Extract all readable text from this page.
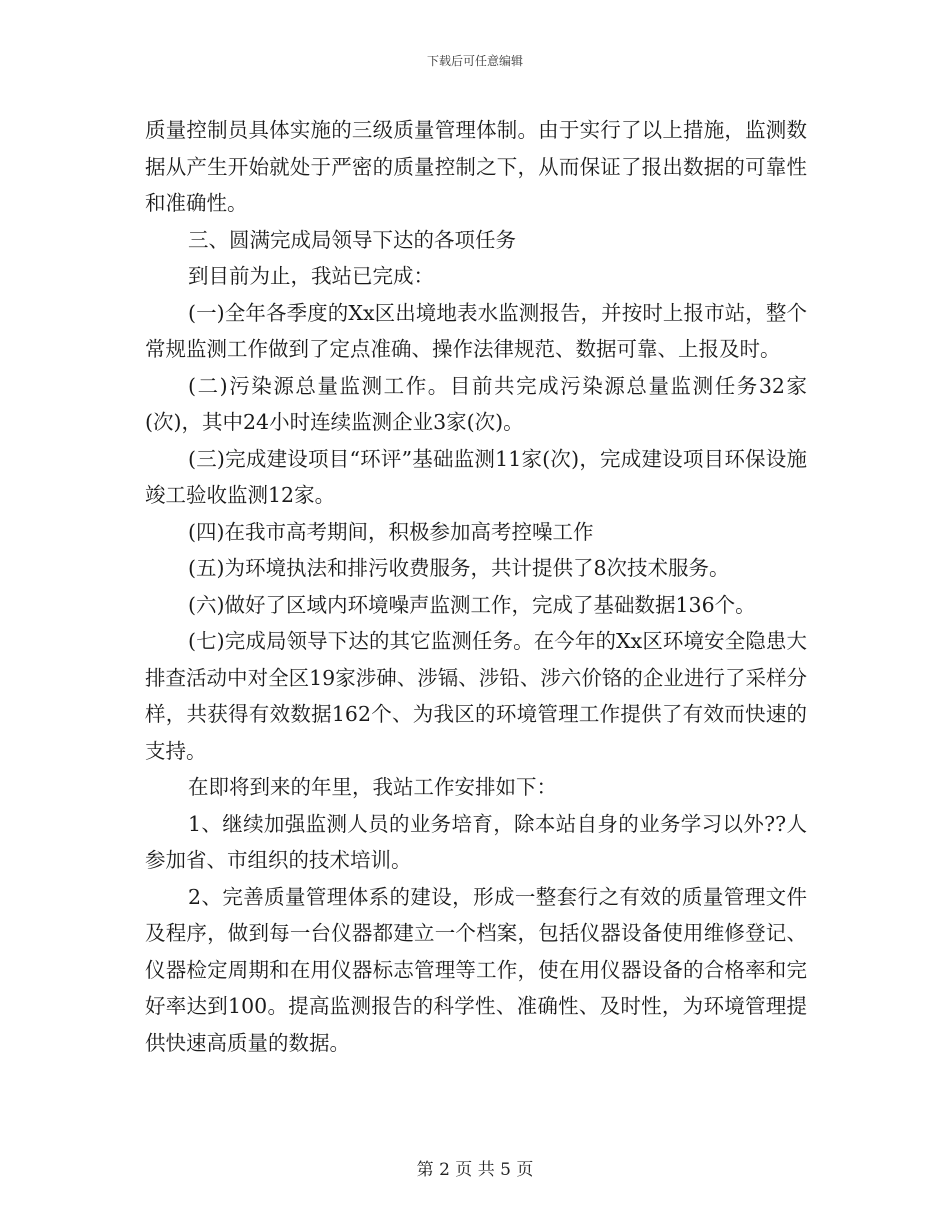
下载后可任意编辑

质量控制员具体实施的三级质量管理体制。由于实行了以上措施，监测数据从产生开始就处于严密的质量控制之下，从而保证了报出数据的可靠性和准确性。

三、圆满完成局领导下达的各项任务

到目前为止，我站已完成：

(一)全年各季度的Xx区出境地表水监测报告，并按时上报市站，整个常规监测工作做到了定点准确、操作法律规范、数据可靠、上报及时。

(二)污染源总量监测工作。目前共完成污染源总量监测任务32家(次)，其中24小时连续监测企业3家(次)。

(三)完成建设项目“环评”基础监测11家(次)，完成建设项目环保设施竣工验收监测12家。

(四)在我市高考期间，积极参加高考控噪工作

(五)为环境执法和排污收费服务，共计提供了8次技术服务。

(六)做好了区域内环境噪声监测工作，完成了基础数据136个。

(七)完成局领导下达的其它监测任务。在今年的Xx区环境安全隐患大排查活动中对全区19家涉砷、涉镉、涉铅、涉六价铬的企业进行了采样分样，共获得有效数据162个、为我区的环境管理工作提供了有效而快速的支持。

在即将到来的年里，我站工作安排如下：

1、继续加强监测人员的业务培育，除本站自身的业务学习以外??人参加省、市组织的技术培训。

2、完善质量管理体系的建设，形成一整套行之有效的质量管理文件及程序，做到每一台仪器都建立一个档案，包括仪器设备使用维修登记、仪器检定周期和在用仪器标志管理等工作，使在用仪器设备的合格率和完好率达到100。提高监测报告的科学性、准确性、及时性，为环境管理提供快速高质量的数据。

第 2 页 共 5 页
